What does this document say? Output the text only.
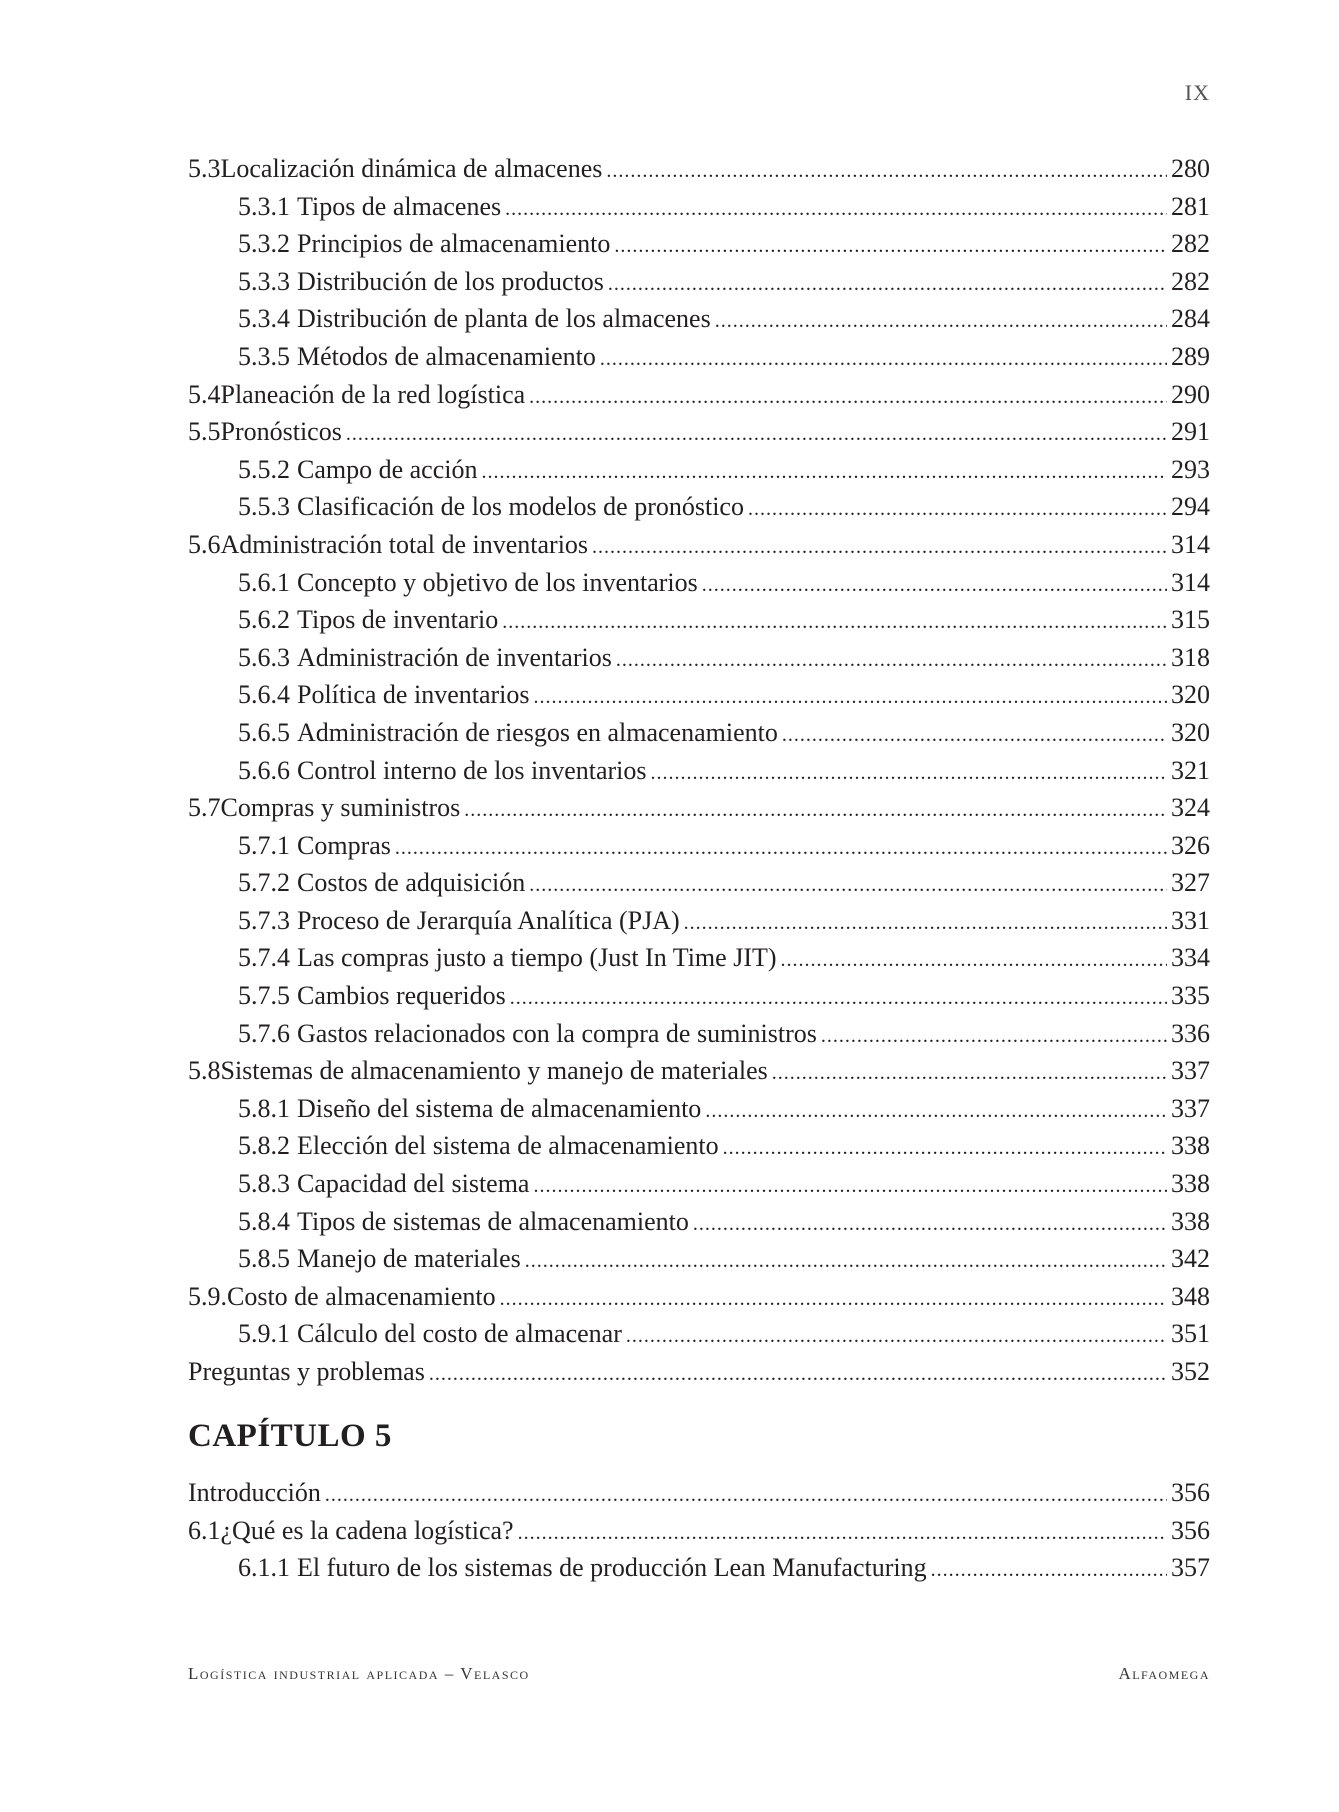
IX
5.3 Localización dinámica de almacenes .....	280
5.3.1 Tipos de almacenes .....	281
5.3.2 Principios de almacenamiento .....	282
5.3.3 Distribución de los productos .....	282
5.3.4 Distribución de planta de los almacenes .....	284
5.3.5 Métodos de almacenamiento .....	289
5.4 Planeación de la red logística .....	290
5.5 Pronósticos .....	291
5.5.2 Campo de acción .....	293
5.5.3 Clasificación de los modelos de pronóstico .....	294
5.6 Administración total de inventarios .....	314
5.6.1 Concepto y objetivo de los inventarios .....	314
5.6.2 Tipos de inventario .....	315
5.6.3 Administración de inventarios .....	318
5.6.4 Política de inventarios .....	320
5.6.5 Administración de riesgos en almacenamiento .....	320
5.6.6 Control interno de los inventarios .....	321
5.7 Compras y suministros .....	324
5.7.1 Compras .....	326
5.7.2 Costos de adquisición .....	327
5.7.3 Proceso de Jerarquía Analítica (PJA) .....	331
5.7.4 Las compras justo a tiempo (Just In Time JIT) .....	334
5.7.5 Cambios requeridos .....	335
5.7.6 Gastos relacionados con la compra de suministros .....	336
5.8 Sistemas de almacenamiento y manejo de materiales .....	337
5.8.1 Diseño del sistema de almacenamiento .....	337
5.8.2 Elección del sistema de almacenamiento .....	338
5.8.3 Capacidad del sistema .....	338
5.8.4 Tipos de sistemas de almacenamiento .....	338
5.8.5 Manejo de materiales .....	342
5.9. Costo de almacenamiento .....	348
5.9.1 Cálculo del costo de almacenar .....	351
Preguntas y problemas .....	352
CAPÍTULO 5
Introducción .....	356
6.1 ¿Qué es la cadena logística? .....	356
6.1.1 El futuro de los sistemas de producción Lean Manufacturing .....	357
Logística industrial aplicada – Velasco	Alfaomega
